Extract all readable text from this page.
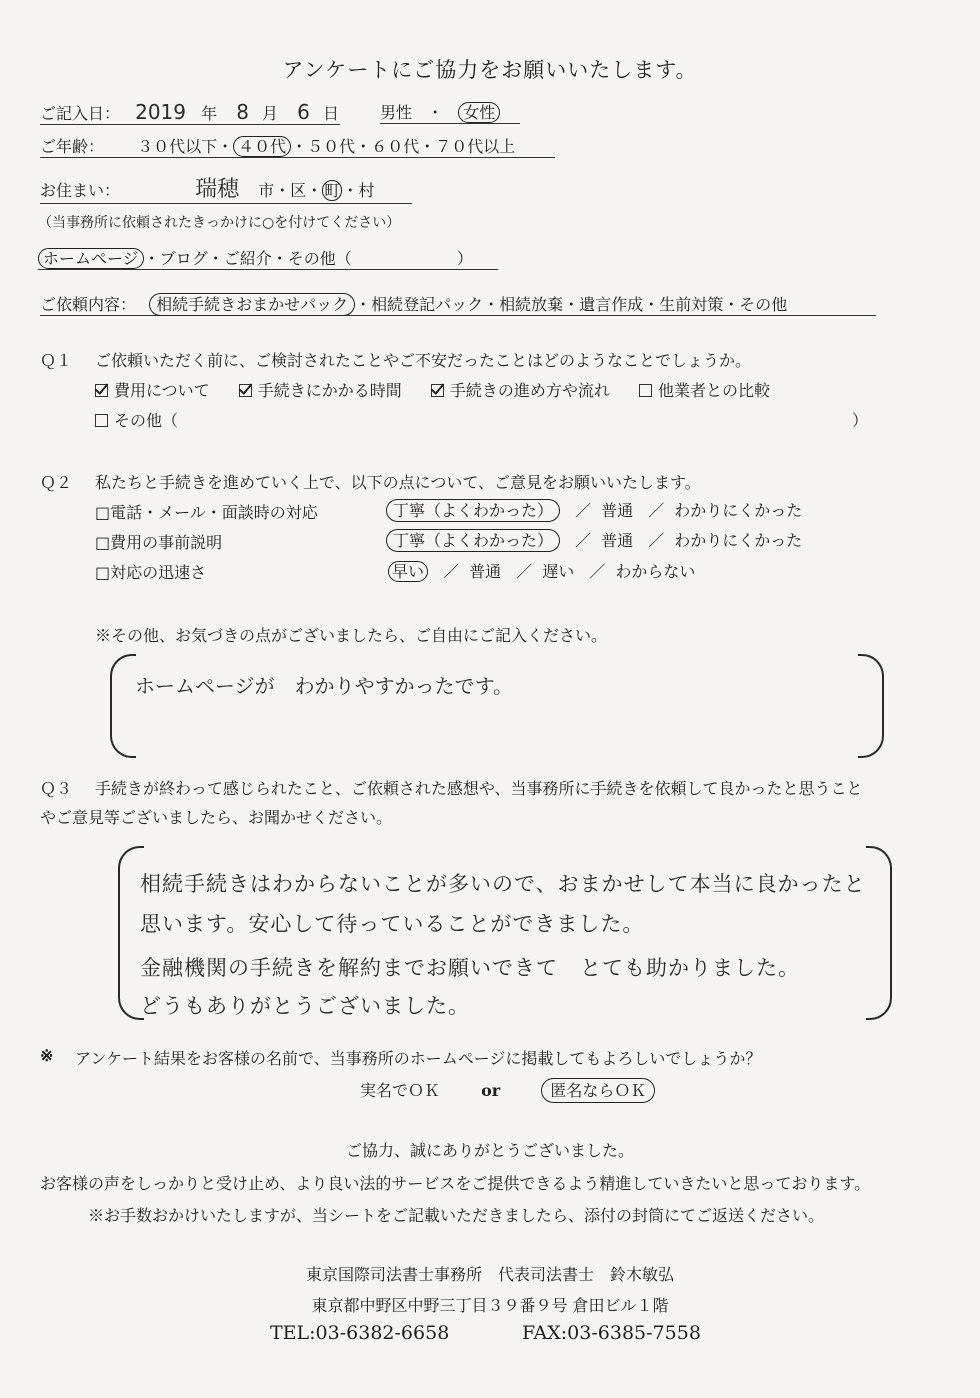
アンケートにご協力をお願いいたします。
ご記入日： 2019 年 8 月 6 日	男性 ・ 女性
ご年齢： ３０代以下・ ４０代 ・５０代・６０代・７０代以上
お住まい：	瑞穂 市・区・ 町 ・村
（当事務所に依頼されたきっかけに○を付けてください）
ホームページ ・ブログ・ご紹介・その他（	）
ご依頼内容： 相続手続きおまかせパック ・相続登記パック・相続放棄・遺言作成・生前対策・その他
Ｑ１ ご依頼いただく前に、ご検討されたことやご不安だったことはどのようなことでしょうか。
費用について	手続きにかかる時間	手続きの進め方や流れ	他業者との比較
その他（	）
Ｑ２ 私たちと手続きを進めていく上で、以下の点について、ご意見をお願いいたします。
□電話・メール・面談時の対応	丁寧（よくわかった） ／ 普通 ／ わかりにくかった
□費用の事前説明	丁寧（よくわかった） ／ 普通 ／ わかりにくかった
□対応の迅速さ	早い ／ 普通 ／ 遅い ／ わからない
※その他、お気づきの点がございましたら、ご自由にご記入ください。
ホームページが　わかりやすかったです。
Ｑ３ 手続きが終わって感じられたこと、ご依頼された感想や、当事務所に手続きを依頼して良かったと思うこと
やご意見等ございましたら、お聞かせください。
相続手続きはわからないことが多いので、おまかせして本当に良かったと
思います。安心して待っていることができました。
金融機関の手続きを解約までお願いできて　とても助かりました。
どうもありがとうございました。
※ アンケート結果をお客様の名前で、当事務所のホームページに掲載してもよろしいでしょうか？
実名でＯＫ	or	匿名ならＯＫ
ご協力、誠にありがとうございました。
お客様の声をしっかりと受け止め、より良い法的サービスをご提供できるよう精進していきたいと思っております。
※お手数おかけいたしますが、当シートをご記載いただきましたら、添付の封筒にてご返送ください。
東京国際司法書士事務所　代表司法書士　鈴木敏弘
東京都中野区中野三丁目３９番９号 倉田ビル１階
TEL:03-6382-6658	FAX:03-6385-7558
